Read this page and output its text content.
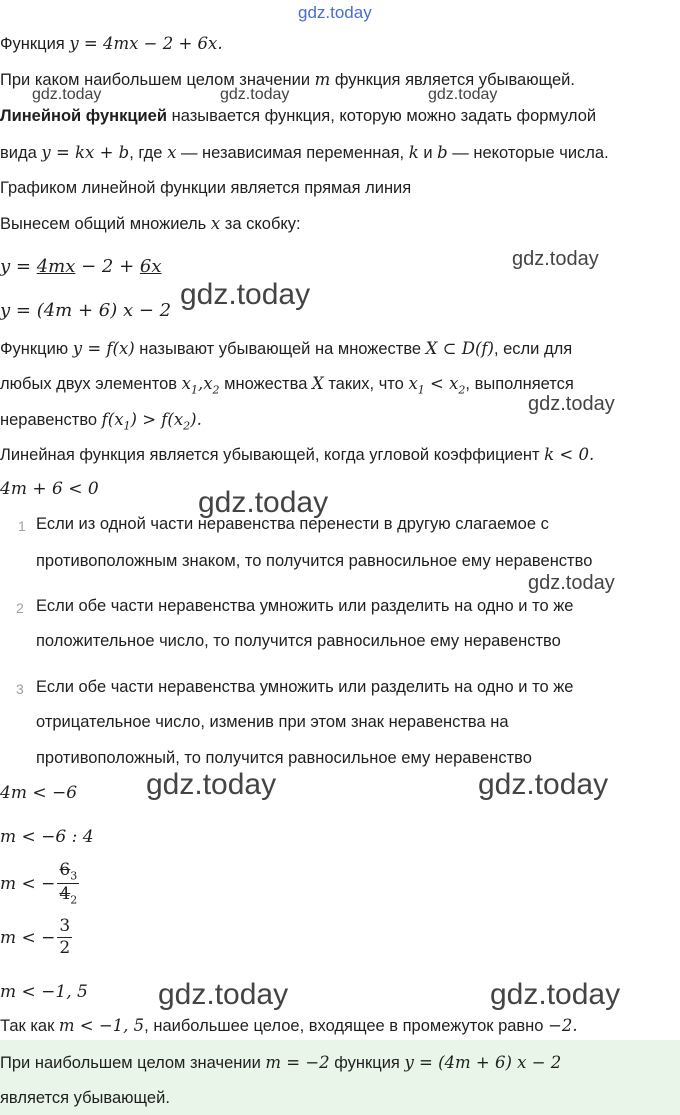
gdz.today
gdz.today	gdz.today	gdz.today
gdz.today
gdz.today
gdz.today
gdz.today
gdz.today
gdz.today	gdz.today
gdz.today	gdz.today
Функция y = 4mx − 2 + 6x.
При каком наибольшем целом значении m функция является убывающей.
Линейной функцией называется функция, которую можно задать формулой
вида y = kx + b, где x — независимая переменная, k и b — некоторые числа.
Графиком линейной функции является прямая линия
Вынесем общий множиель x за скобку:
y = 4mx − 2 + 6x
y = (4m + 6) x − 2
Функцию y = f(x) называют убывающей на множестве X ⊂ D(f), если для
любых двух элементов $x_1,x_2$ множества X таких, что $x_1 < x_2$, выполняется
неравенство $f(x_1) > f(x_2)$.
Линейная функция является убывающей, когда угловой коэффициент k < 0.
4m + 6 < 0
1 Если из одной части неравенства перенести в другую слагаемое с
противоположным знаком, то получится равносильное ему неравенство
2 Если обе части неравенства умножить или разделить на одно и то же
положительное число, то получится равносильное ему неравенство
3 Если обе части неравенства умножить или разделить на одно и то же
отрицательное число, изменив при этом знак неравенства на
противоположный, то получится равносильное ему неравенство
4m < −6
m < −6 : 4
m < − $\frac{6_3}{4_2}$
m < − $\frac{3}{2}$
m < −1, 5
Так как m < −1, 5, наибольшее целое, входящее в промежуток равно −2.
При наибольшем целом значении m = −2 функция y = (4m + 6) x − 2
является убывающей.
